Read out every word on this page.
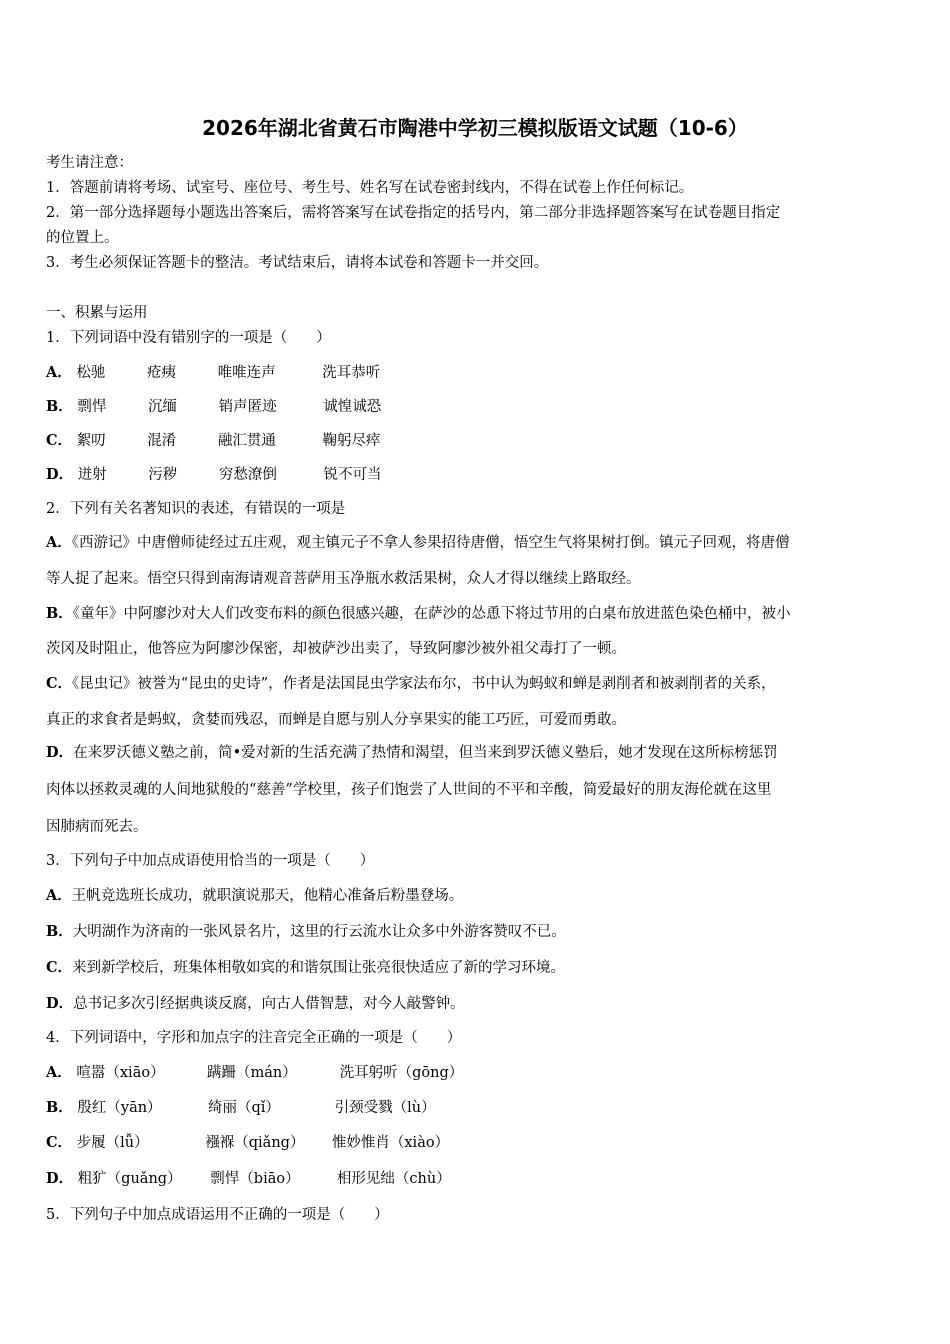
2026年湖北省黄石市陶港中学初三模拟版语文试题（10-6）
考生请注意：
1．答题前请将考场、试室号、座位号、考生号、姓名写在试卷密封线内，不得在试卷上作任何标记。
2．第一部分选择题每小题选出答案后，需将答案写在试卷指定的括号内，第二部分非选择题答案写在试卷题目指定
的位置上。
3．考生必须保证答题卡的整洁。考试结束后，请将本试卷和答题卡一并交回。
一、积累与运用
1．下列词语中没有错别字的一项是（　　）
A． 松驰	疮痍	唯唯连声	洗耳恭听
B． 剽悍	沉缅	销声匿迹	诚惶诚恐
C． 絮叨	混淆	融汇贯通	鞠躬尽瘁
D． 迸射	污秽	穷愁潦倒	锐不可当
2．下列有关名著知识的表述，有错误的一项是
A．《西游记》中唐僧师徒经过五庄观，观主镇元子不拿人参果招待唐僧，悟空生气将果树打倒。镇元子回观，将唐僧
等人捉了起来。悟空只得到南海请观音菩萨用玉净瓶水救活果树，众人才得以继续上路取经。
B．《童年》中阿廖沙对大人们改变布料的颜色很感兴趣，在萨沙的怂恿下将过节用的白桌布放进蓝色染色桶中，被小
茨冈及时阻止，他答应为阿廖沙保密，却被萨沙出卖了，导致阿廖沙被外祖父毒打了一顿。
C．《昆虫记》被誉为“昆虫的史诗”，作者是法国昆虫学家法布尔，书中认为蚂蚁和蝉是剥削者和被剥削者的关系，
真正的求食者是蚂蚁，贪婪而残忍，而蝉是自愿与别人分享果实的能工巧匠，可爱而勇敢。
D．在来罗沃德义塾之前，简•爱对新的生活充满了热情和渴望，但当来到罗沃德义塾后，她才发现在这所标榜惩罚
肉体以拯救灵魂的人间地狱般的“慈善”学校里，孩子们饱尝了人世间的不平和辛酸，简爱最好的朋友海伦就在这里
因肺病而死去。
3．下列句子中加点成语使用恰当的一项是（　　）
A．王帆竞选班长成功，就职演说那天，他精心准备后粉墨登场。
B．大明湖作为济南的一张风景名片，这里的行云流水让众多中外游客赞叹不已。
C．来到新学校后，班集体相敬如宾的和谐氛围让张亮很快适应了新的学习环境。
D．总书记多次引经据典谈反腐，向古人借智慧，对今人敲警钟。
4．下列词语中，字形和加点字的注音完全正确的一项是（　　）
A． 喧嚣（xiāo）	蹒跚（mán）	洗耳躬听（gōng）
B． 殷红（yān）	绮丽（qǐ）	引颈受戮（lù）
C． 步履（lǚ）	襁褓（qiǎng） 惟妙惟肖（xiào）
D． 粗犷（guǎng） 剽悍（biāo）	相形见绌（chù）
5．下列句子中加点成语运用不正确的一项是（　　）
